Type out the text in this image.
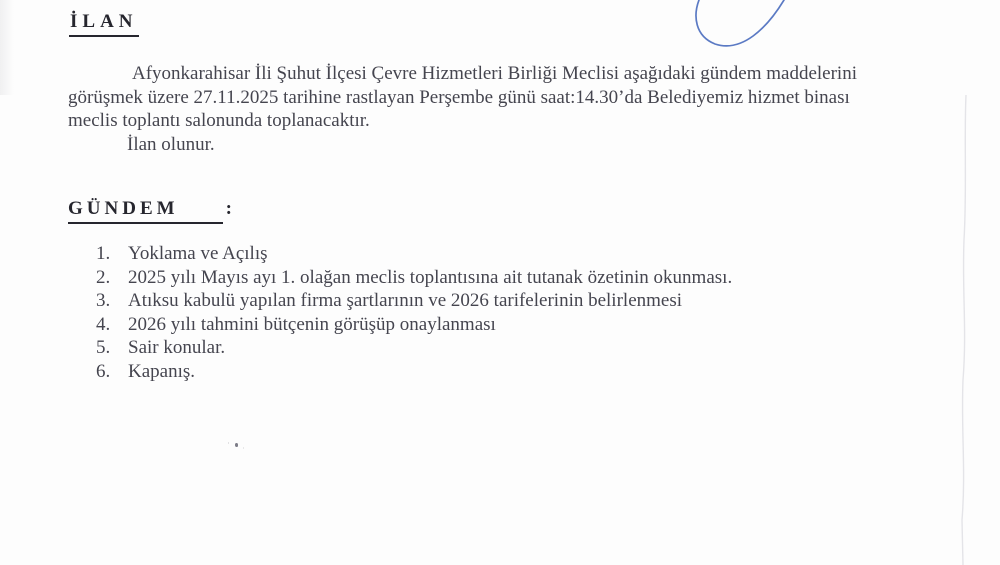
İLAN
Afyonkarahisar İli Şuhut İlçesi Çevre Hizmetleri Birliği Meclisi aşağıdaki gündem maddelerini
görüşmek üzere 27.11.2025 tarihine rastlayan Perşembe günü saat:14.30’da Belediyemiz hizmet binası
meclis toplantı salonunda toplanacaktır.
İlan olunur.
GÜNDEM :
1. Yoklama ve Açılış
2. 2025 yılı Mayıs ayı 1. olağan meclis toplantısına ait tutanak özetinin okunması.
3. Atıksu kabulü yapılan firma şartlarının ve 2026 tarifelerinin belirlenmesi
4. 2026 yılı tahmini bütçenin görüşüp onaylanması
5. Sair konular.
6. Kapanış.
